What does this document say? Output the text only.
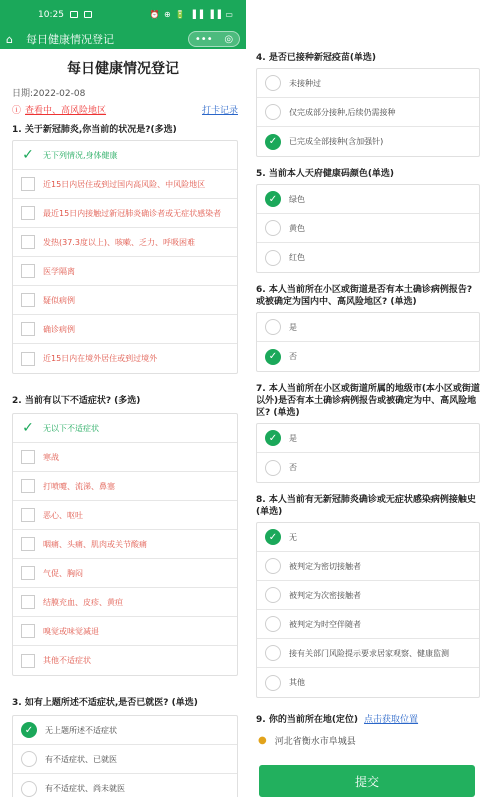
10:25	⏰ ⊕ 🔋 ▐▐ ▐▐ ▭
⌂	每日健康情况登记	••• ◎
每日健康情况登记
日期:2022-02-08
ⓘ 查看中、高风险地区	打卡记录
1. 关于新冠肺炎,你当前的状况是?(多选)
✓ 无下列情况,身体健康
近15日内居住或到过国内高风险、中风险地区
最近15日内接触过新冠肺炎确诊者或无症状感染者
发热(37.3度以上)、咳嗽、乏力、呼吸困难
医学隔离
疑似病例
确诊病例
近15日内在境外居住或到过境外
2. 当前有以下不适症状? (多选)
✓ 无以下不适症状
寒战
打喷嚏、流涕、鼻塞
恶心、呕吐
咽痛、头痛、肌肉或关节酸痛
气促、胸闷
结膜充血、皮疹、黄疸
嗅觉或味觉减退
其他不适症状
3. 如有上题所述不适症状,是否已就医? (单选)
✓	无上题所述不适症状
有不适症状、已就医
有不适症状、尚未就医
4. 是否已接种新冠疫苗(单选)
未接种过
仅完成部分接种,后续仍需接种
✓	已完成全部接种(含加强针)
5. 当前本人天府健康码颜色(单选)
✓	绿色
黄色
红色
6. 本人当前所在小区或街道是否有本土确诊病例报告?或被确定为国内中、高风险地区? (单选)
是
✓	否
7. 本人当前所在小区或街道所属的地级市(本小区或街道以外)是否有本土确诊病例报告或被确定为中、高风险地区? (单选)
✓	是
否
8. 本人当前有无新冠肺炎确诊或无症状感染病例接触史(单选)
✓	无
被判定为密切接触者
被判定为次密接触者
被判定为时空伴随者
接有关部门风险提示要求居家观察、健康监测
其他
9. 你的当前所在地(定位) 点击获取位置
● 河北省衡水市阜城县
提交
